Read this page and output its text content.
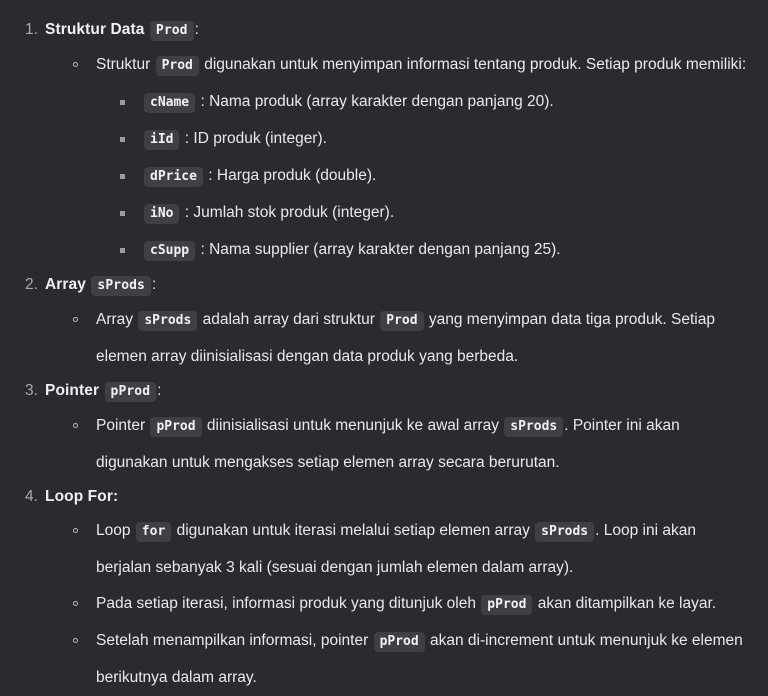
Struktur Data Prod :
Struktur Prod digunakan untuk menyimpan informasi tentang produk. Setiap produk memiliki:
cName : Nama produk (array karakter dengan panjang 20).
iId : ID produk (integer).
dPrice : Harga produk (double).
iNo : Jumlah stok produk (integer).
cSupp : Nama supplier (array karakter dengan panjang 25).
Array sProds :
Array sProds adalah array dari struktur Prod yang menyimpan data tiga produk. Setiap elemen array diinisialisasi dengan data produk yang berbeda.
Pointer pProd :
Pointer pProd diinisialisasi untuk menunjuk ke awal array sProds . Pointer ini akan digunakan untuk mengakses setiap elemen array secara berurutan.
Loop For:
Loop for digunakan untuk iterasi melalui setiap elemen array sProds . Loop ini akan berjalan sebanyak 3 kali (sesuai dengan jumlah elemen dalam array).
Pada setiap iterasi, informasi produk yang ditunjuk oleh pProd akan ditampilkan ke layar.
Setelah menampilkan informasi, pointer pProd akan di-increment untuk menunjuk ke elemen berikutnya dalam array.
